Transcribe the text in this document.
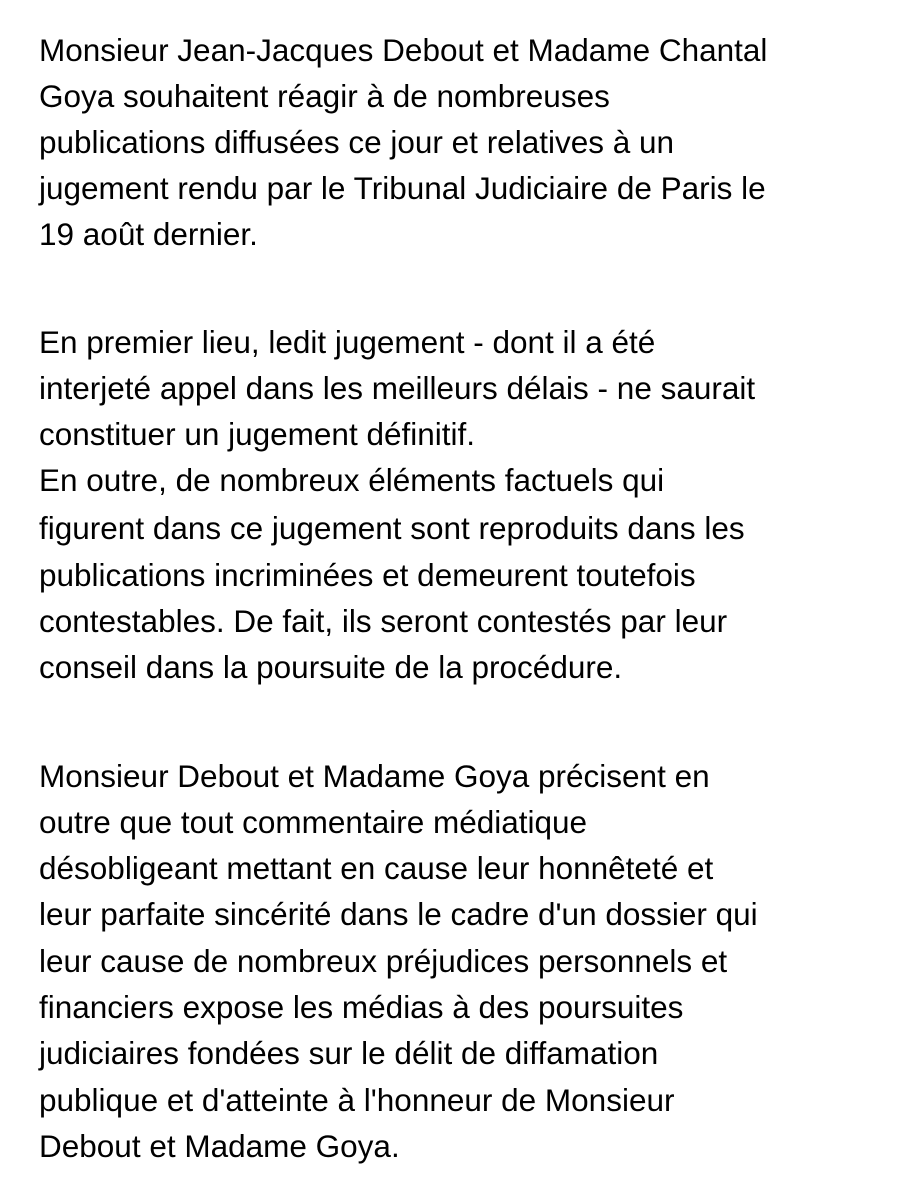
Monsieur Jean-Jacques Debout et Madame Chantal

Goya souhaitent réagir à de nombreuses

publications diffusées ce jour et relatives à un

jugement rendu par le Tribunal Judiciaire de Paris le

19 août dernier.

En premier lieu, ledit jugement - dont il a été

interjeté appel dans les meilleurs délais - ne saurait

constituer un jugement définitif.

En outre, de nombreux éléments factuels qui

figurent dans ce jugement sont reproduits dans les

publications incriminées et demeurent toutefois

contestables. De fait, ils seront contestés par leur

conseil dans la poursuite de la procédure.

Monsieur Debout et Madame Goya précisent en

outre que tout commentaire médiatique

désobligeant mettant en cause leur honnêteté et

leur parfaite sincérité dans le cadre d'un dossier qui

leur cause de nombreux préjudices personnels et

financiers expose les médias à des poursuites

judiciaires fondées sur le délit de diffamation

publique et d'atteinte à l'honneur de Monsieur

Debout et Madame Goya.
